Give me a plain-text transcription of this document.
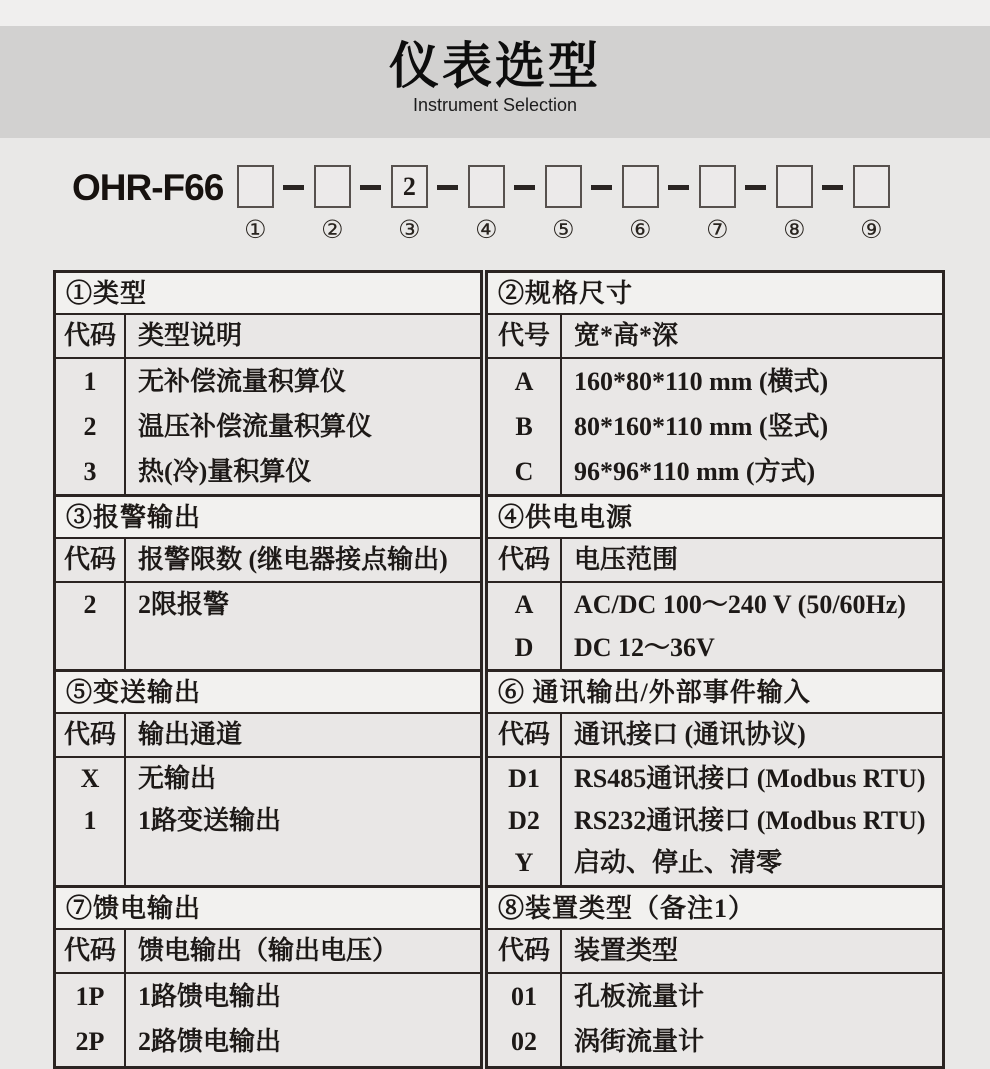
仪表选型
Instrument Selection
OHR-F66
① ②
2
③ ④ ⑤ ⑥ ⑦ ⑧ ⑨
①类型
代码 类型说明
1
2
3
无补偿流量积算仪
温压补偿流量积算仪
热(冷)量积算仪
③报警输出
代码 报警限数 (继电器接点输出)
2	2限报警
⑤变送输出
代码 输出通道
X
1
无输出
1路变送输出
⑦馈电输出
代码 馈电输出（输出电压）
1P
2P
1路馈电输出
2路馈电输出
②规格尺寸
代号 宽*高*深
A
B
C
160*80*110 mm (横式)
80*160*110 mm (竖式)
96*96*110 mm (方式)
④供电电源
代码 电压范围
A
D
AC/DC 100～240 V (50/60Hz)
DC 12～36V
⑥ 通讯输出/外部事件输入
代码 通讯接口 (通讯协议)
D1
D2
Y
RS485通讯接口 (Modbus RTU)
RS232通讯接口 (Modbus RTU)
启动、停止、清零
⑧装置类型（备注1）
代码 装置类型
01
02
孔板流量计
涡街流量计
